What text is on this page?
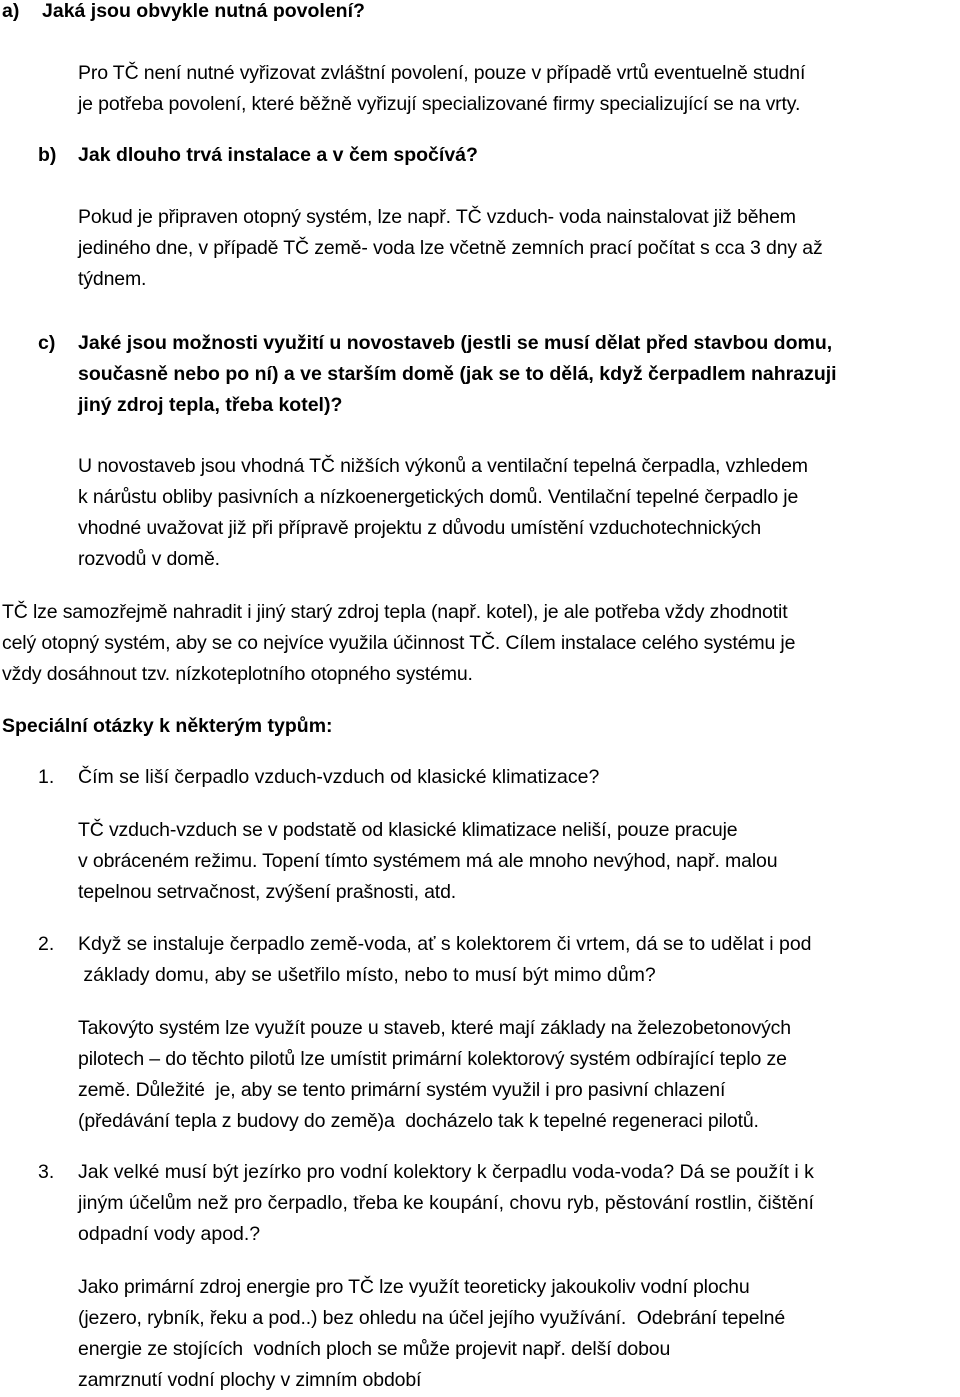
a) Jaká jsou obvykle nutná povolení?
Pro TČ není nutné vyřizovat zvláštní povolení, pouze v případě vrtů eventuelně studní
je potřeba povolení, které běžně vyřizují specializované firmy specializující se na vrty.
b) Jak dlouho trvá instalace a v čem spočívá?
Pokud je připraven otopný systém, lze např. TČ vzduch- voda nainstalovat již během
jediného dne, v případě TČ země- voda lze včetně zemních prací počítat s cca 3 dny až
týdnem.
c)	Jaké jsou možnosti využití u novostaveb (jestli se musí dělat před stavbou domu,
současně nebo po ní) a ve starším domě (jak se to dělá, když čerpadlem nahrazuji
jiný zdroj tepla, třeba kotel)?
U novostaveb jsou vhodná TČ nižších výkonů a ventilační tepelná čerpadla, vzhledem
k nárůstu obliby pasivních a nízkoenergetických domů. Ventilační tepelné čerpadlo je
vhodné uvažovat již při přípravě projektu z důvodu umístění vzduchotechnických
rozvodů v domě.
TČ lze samozřejmě nahradit i jiný starý zdroj tepla (např. kotel), je ale potřeba vždy zhodnotit
celý otopný systém, aby se co nejvíce využila účinnost TČ. Cílem instalace celého systému je
vždy dosáhnout tzv. nízkoteplotního otopného systému.
Speciální otázky k některým typům:
1. Čím se liší čerpadlo vzduch-vzduch od klasické klimatizace?
TČ vzduch-vzduch se v podstatě od klasické klimatizace neliší, pouze pracuje
v obráceném režimu. Topení tímto systémem má ale mnoho nevýhod, např. malou
tepelnou setrvačnost, zvýšení prašnosti, atd.
2. Když se instaluje čerpadlo země-voda, ať s kolektorem či vrtem, dá se to udělat i pod
základy domu, aby se ušetřilo místo, nebo to musí být mimo dům?
Takovýto systém lze využít pouze u staveb, které mají základy na železobetonových
pilotech – do těchto pilotů lze umístit primární kolektorový systém odbírající teplo ze
země. Důležité  je, aby se tento primární systém využil i pro pasivní chlazení
(předávání tepla z budovy do země)a  docházelo tak k tepelné regeneraci pilotů.
3. Jak velké musí být jezírko pro vodní kolektory k čerpadlu voda-voda? Dá se použít i k
jiným účelům než pro čerpadlo, třeba ke koupání, chovu ryb, pěstování rostlin, čištění
odpadní vody apod.?
Jako primární zdroj energie pro TČ lze využít teoreticky jakoukoliv vodní plochu
(jezero, rybník, řeku a pod..) bez ohledu na účel jejího využívání.  Odebrání tepelné
energie ze stojících  vodních ploch se může projevit např. delší dobou
zamrznutí vodní plochy v zimním období
